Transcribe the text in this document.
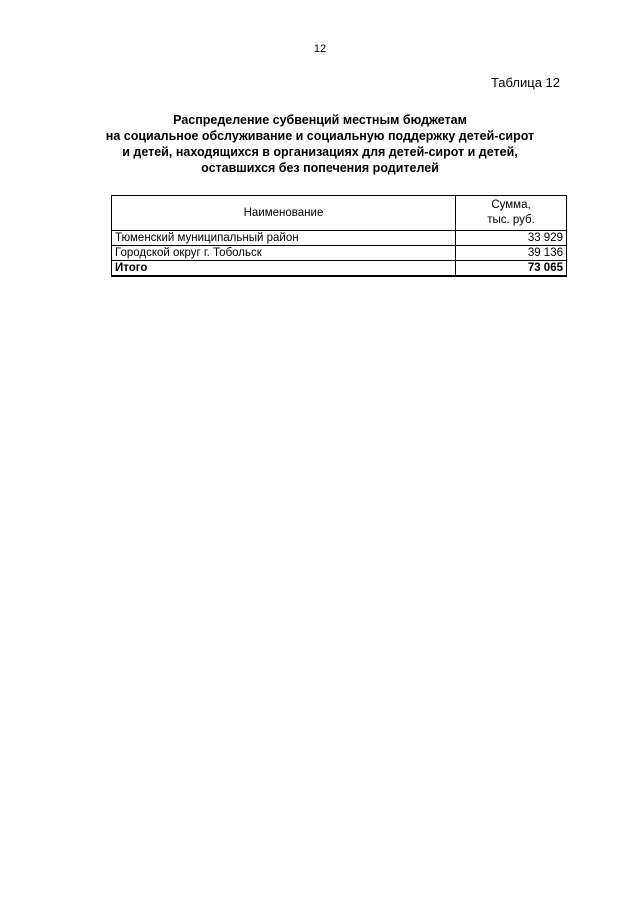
12
Таблица 12
Распределение субвенций местным бюджетам
на социальное обслуживание и социальную поддержку детей-сирот
и детей, находящихся в организациях для детей-сирот и детей,
оставшихся без попечения родителей
Наименование	Сумма,
тыс. руб.

Тюменский муниципальный район	33 929
Городской округ г. Тобольск	39 136
Итого	73 065
